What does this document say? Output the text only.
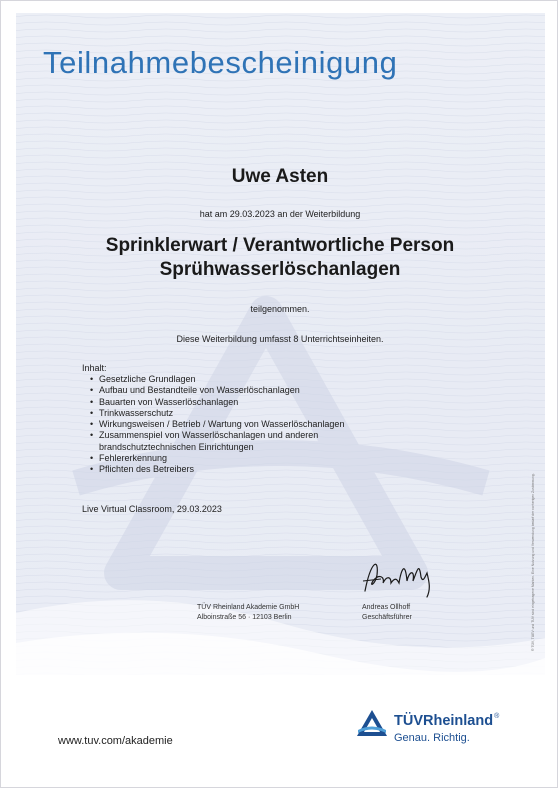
Teilnahmebescheinigung
Uwe Asten
hat am 29.03.2023 an der Weiterbildung
Sprinklerwart / Verantwortliche Person
Sprühwasserlöschanlagen
teilgenommen.
Diese Weiterbildung umfasst 8 Unterrichtseinheiten.
Inhalt:
• Gesetzliche Grundlagen
• Aufbau und Bestandteile von Wasserlöschanlagen
• Bauarten von Wasserlöschanlagen
• Trinkwasserschutz
• Wirkungsweisen / Betrieb / Wartung von Wasserlöschanlagen
• Zusammenspiel von Wasserlöschanlagen und anderen
brandschutztechnischen Einrichtungen
• Fehlererkennung
• Pflichten des Betreibers
Live Virtual Classroom, 29.03.2023
TÜV Rheinland Akademie GmbH
Alboinstraße 56 · 12103 Berlin
Andreas Ollhoff
Geschäftsführer	® TÜV, TUEV und TUV sind eingetragene Marken. Eine Nutzung und Verwendung bedarf der vorherigen Zustimmung.
www.tuv.com/akademie
TÜVRheinland®
Genau. Richtig.
